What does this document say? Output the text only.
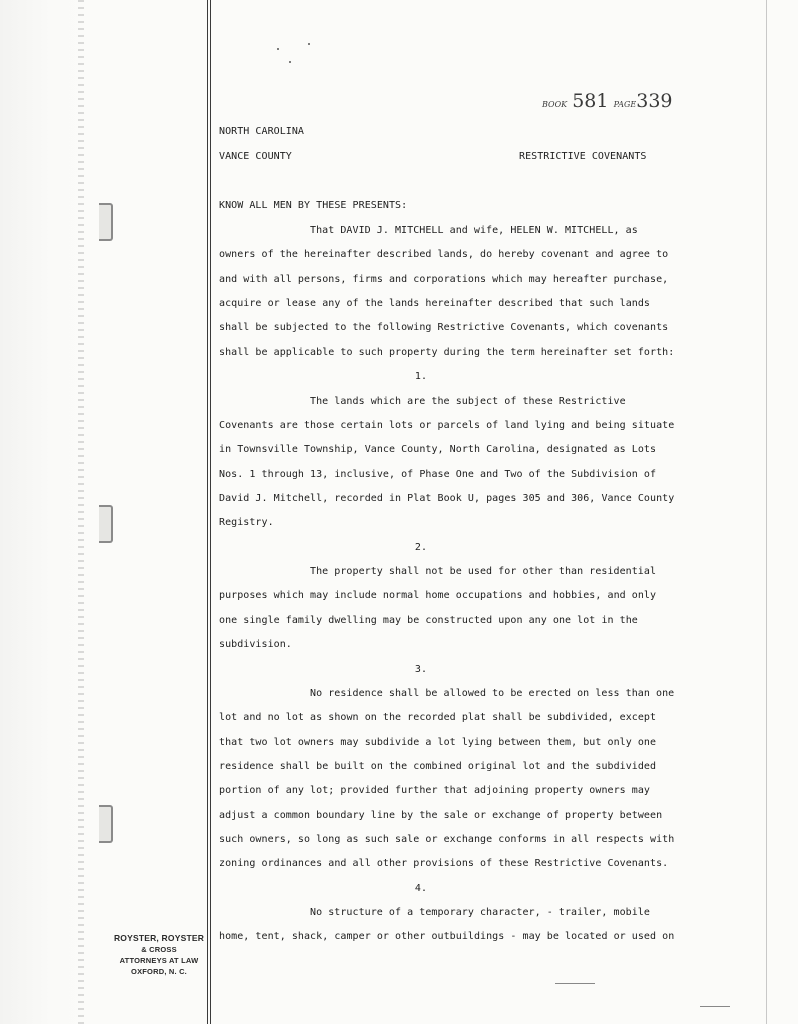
BOOK 581 PAGE339
NORTH CAROLINA
VANCE COUNTY	RESTRICTIVE COVENANTS
KNOW ALL MEN BY THESE PRESENTS:
That DAVID J. MITCHELL and wife, HELEN W. MITCHELL, as
owners of the hereinafter described lands, do hereby covenant and agree to
and with all persons, firms and corporations which may hereafter purchase,
acquire or lease any of the lands hereinafter described that such lands
shall be subjected to the following Restrictive Covenants, which covenants
shall be applicable to such property during the term hereinafter set forth:
1.
The lands which are the subject of these Restrictive
Covenants are those certain lots or parcels of land lying and being situate
in Townsville Township, Vance County, North Carolina, designated as Lots
Nos. 1 through 13, inclusive, of Phase One and Two of the Subdivision of
David J. Mitchell, recorded in Plat Book U, pages 305 and 306, Vance County
Registry.
2.
The property shall not be used for other than residential
purposes which may include normal home occupations and hobbies, and only
one single family dwelling may be constructed upon any one lot in the
subdivision.
3.
No residence shall be allowed to be erected on less than one
lot and no lot as shown on the recorded plat shall be subdivided, except
that two lot owners may subdivide a lot lying between them, but only one
residence shall be built on the combined original lot and the subdivided
portion of any lot; provided further that adjoining property owners may
adjust a common boundary line by the sale or exchange of property between
such owners, so long as such sale or exchange conforms in all respects with
zoning ordinances and all other provisions of these Restrictive Covenants.
4.
No structure of a temporary character, - trailer, mobile
home, tent, shack, camper or other outbuildings - may be located or used on
ROYSTER, ROYSTER
& CROSS
ATTORNEYS AT LAW
OXFORD, N. C.
